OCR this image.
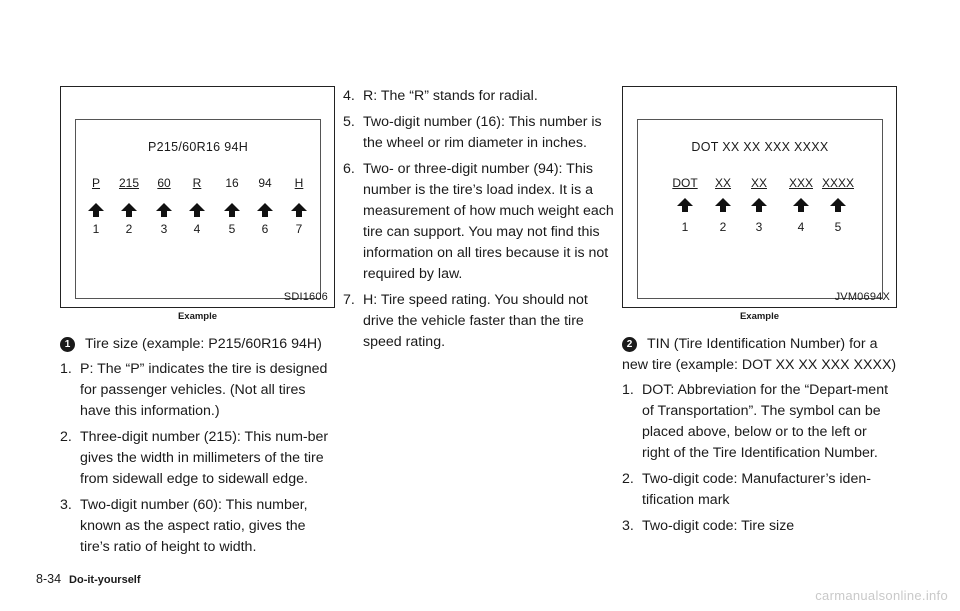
P215/60R16 94H
P
1
215
2
60
3
R
4
16
5
94
6
H
7
SDI1606
Example

1 Tire size (example: P215/60R16 94H)

1. P: The “P” indicates the tire is designed for passenger vehicles. (Not all tires have this information.)
2. Three-digit number (215): This num-ber gives the width in millimeters of the tire from sidewall edge to sidewall edge.
3. Two-digit number (60): This number, known as the aspect ratio, gives the tire’s ratio of height to width.
4. R: The “R” stands for radial.
5. Two-digit number (16): This number is the wheel or rim diameter in inches.
6. Two- or three-digit number (94): This number is the tire’s load index. It is a measurement of how much weight each tire can support. You may not find this information on all tires because it is not required by law.
7. H: Tire speed rating. You should not drive the vehicle faster than the tire speed rating.
DOT XX XX XXX XXXX
DOT
1
XX
2
XX
3
XXX
4
XXXX
5
JVM0694X
Example

2 TIN (Tire Identification Number) for a new tire (example: DOT XX XX XXX XXXX)

1. DOT: Abbreviation for the “Depart-ment of Transportation”. The symbol can be placed above, below or to the left or right of the Tire Identification Number.
2. Two-digit code: Manufacturer’s iden-tification mark
3. Two-digit code: Tire size
8-34 Do-it-yourself
carmanualsonline.info
